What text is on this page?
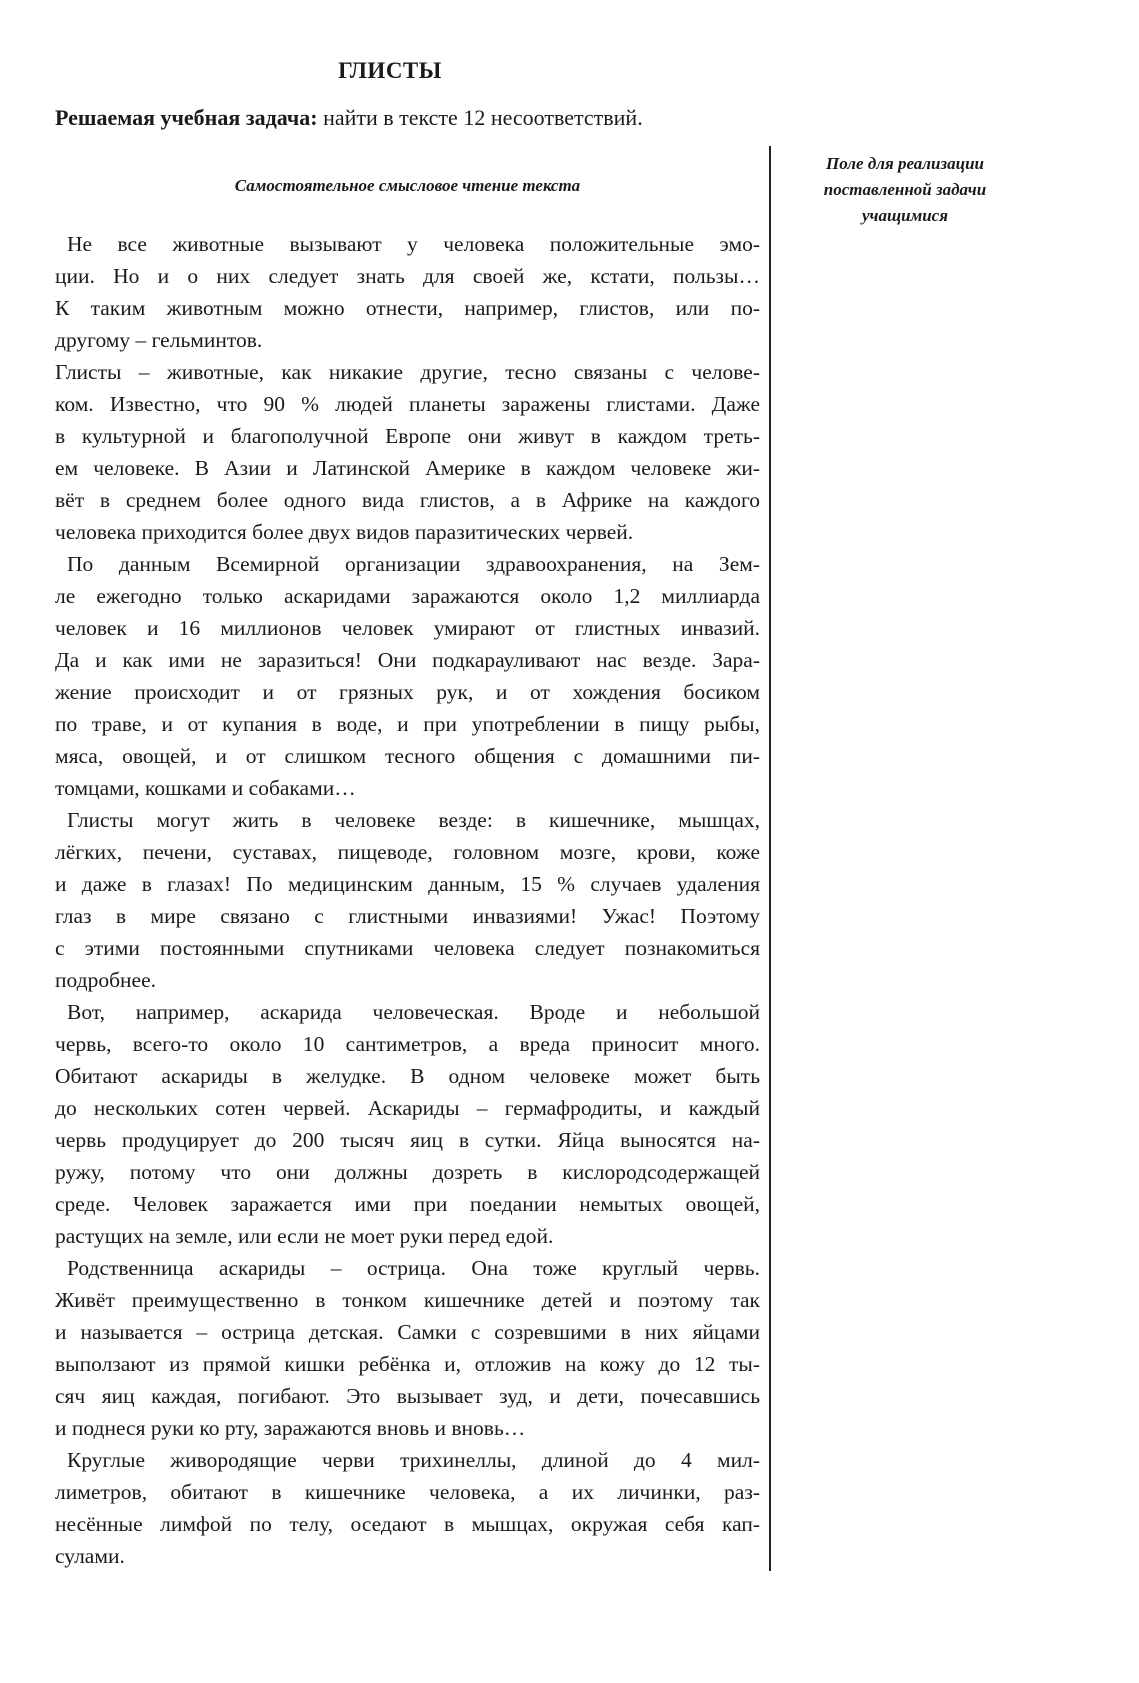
ГЛИСТЫ
Решаемая учебная задача: найти в тексте 12 несоответствий.
Самостоятельное смысловое чтение текста
Поле для реализации
поставленной задачи
учащимися

Не все животные вызывают у человека положительные эмо-
ции. Но и о них следует знать для своей же, кстати, пользы…
К таким животным можно отнести, например, глистов, или по-
другому – гельминтов.

Глисты – животные, как никакие другие, тесно связаны с челове-
ком. Известно, что 90 % людей планеты заражены глистами. Даже
в культурной и благополучной Европе они живут в каждом треть-
ем человеке. В Азии и Латинской Америке в каждом человеке жи-
вёт в среднем более одного вида глистов, а в Африке на каждого
человека приходится более двух видов паразитических червей.

По данным Всемирной организации здравоохранения, на Зем-
ле ежегодно только аскаридами заражаются около 1,2 миллиарда
человек и 16 миллионов человек умирают от глистных инвазий.
Да и как ими не заразиться! Они подкарауливают нас везде. Зара-
жение происходит и от грязных рук, и от хождения босиком
по траве, и от купания в воде, и при употреблении в пищу рыбы,
мяса, овощей, и от слишком тесного общения с домашними пи-
томцами, кошками и собаками…

Глисты могут жить в человеке везде: в кишечнике, мышцах,
лёгких, печени, суставах, пищеводе, головном мозге, крови, коже
и даже в глазах! По медицинским данным, 15 % случаев удаления
глаз в мире связано с глистными инвазиями! Ужас! Поэтому
с этими постоянными спутниками человека следует познакомиться
подробнее.

Вот, например, аскарида человеческая. Вроде и небольшой
червь, всего-то около 10 сантиметров, а вреда приносит много.
Обитают аскариды в желудке. В одном человеке может быть
до нескольких сотен червей. Аскариды – гермафродиты, и каждый
червь продуцирует до 200 тысяч яиц в сутки. Яйца выносятся на-
ружу, потому что они должны дозреть в кислородсодержащей
среде. Человек заражается ими при поедании немытых овощей,
растущих на земле, или если не моет руки перед едой.

Родственница аскариды – острица. Она тоже круглый червь.
Живёт преимущественно в тонком кишечнике детей и поэтому так
и называется – острица детская. Самки с созревшими в них яйцами
выползают из прямой кишки ребёнка и, отложив на кожу до 12 ты-
сяч яиц каждая, погибают. Это вызывает зуд, и дети, почесавшись
и поднеся руки ко рту, заражаются вновь и вновь…

Круглые живородящие черви трихинеллы, длиной до 4 мил-
лиметров, обитают в кишечнике человека, а их личинки, раз-
несённые лимфой по телу, оседают в мышцах, окружая себя кап-
сулами.
